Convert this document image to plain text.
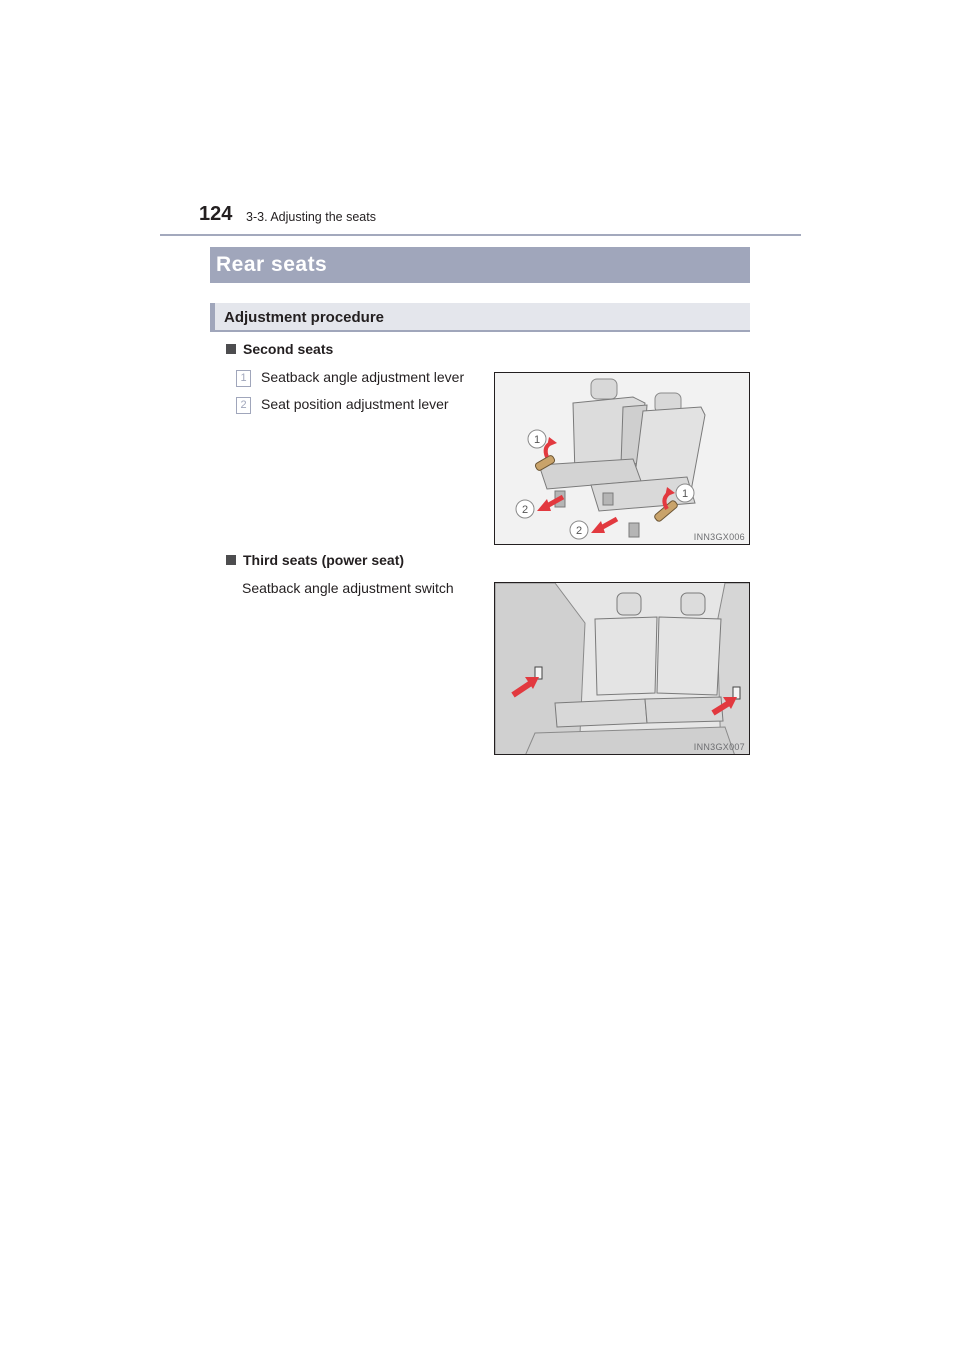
124 3-3. Adjusting the seats
Rear seats
Adjustment procedure
Second seats
1 Seatback angle adjustment lever
2 Seat position adjustment lever
1
1
2
2	INN3GX006
Third seats (power seat)
Seatback angle adjustment switch
INN3GX007
